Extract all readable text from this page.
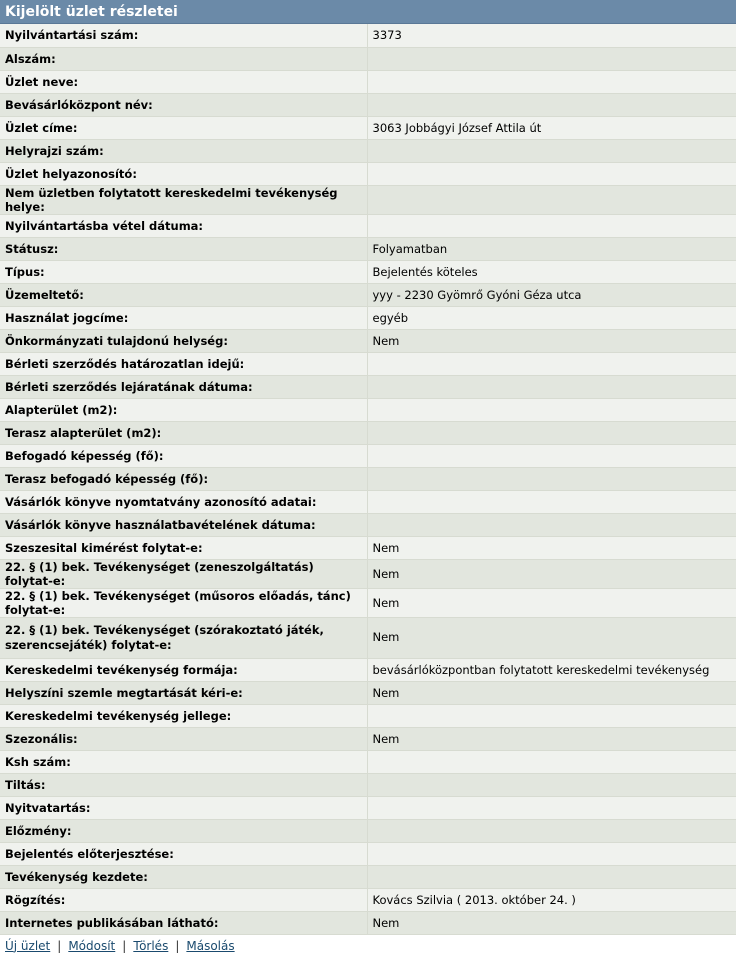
Kijelölt üzlet részletei
Nyilvántartási szám:	3373
Alszám:	
Üzlet neve:	
Bevásárlóközpont név:	
Üzlet címe:	3063 Jobbágyi József Attila út
Helyrajzi szám:	
Üzlet helyazonosító:	
Nem üzletben folytatott kereskedelmi tevékenység helye:	
Nyilvántartásba vétel dátuma:	
Státusz:	Folyamatban
Típus:	Bejelentés köteles
Üzemeltető:	yyy - 2230 Gyömrő Gyóni Géza utca
Használat jogcíme:	egyéb
Önkormányzati tulajdonú helység:	Nem
Bérleti szerződés határozatlan idejű:	
Bérleti szerződés lejáratának dátuma:	
Alapterület (m2):	
Terasz alapterület (m2):	
Befogadó képesség (fő):	
Terasz befogadó képesség (fő):	
Vásárlók könyve nyomtatvány azonosító adatai:	
Vásárlók könyve használatbavételének dátuma:	
Szeszesital kimérést folytat-e:	Nem
22. § (1) bek. Tevékenységet (zeneszolgáltatás) folytat-e:	Nem
22. § (1) bek. Tevékenységet (műsoros előadás, tánc) folytat-e:	Nem
22. § (1) bek. Tevékenységet (szórakoztató játék, szerencsejáték) folytat-e:	Nem
Kereskedelmi tevékenység formája:	bevásárlóközpontban folytatott kereskedelmi tevékenység
Helyszíni szemle megtartását kéri-e:	Nem
Kereskedelmi tevékenység jellege:	
Szezonális:	Nem
Ksh szám:	
Tiltás:	
Nyitvatartás:	
Előzmény:	
Bejelentés előterjesztése:	
Tevékenység kezdete:	
Rögzítés:	Kovács Szilvia ( 2013. október 24. )
Internetes publikásában látható:	Nem
Új üzlet | Módosít | Törlés | Másolás
